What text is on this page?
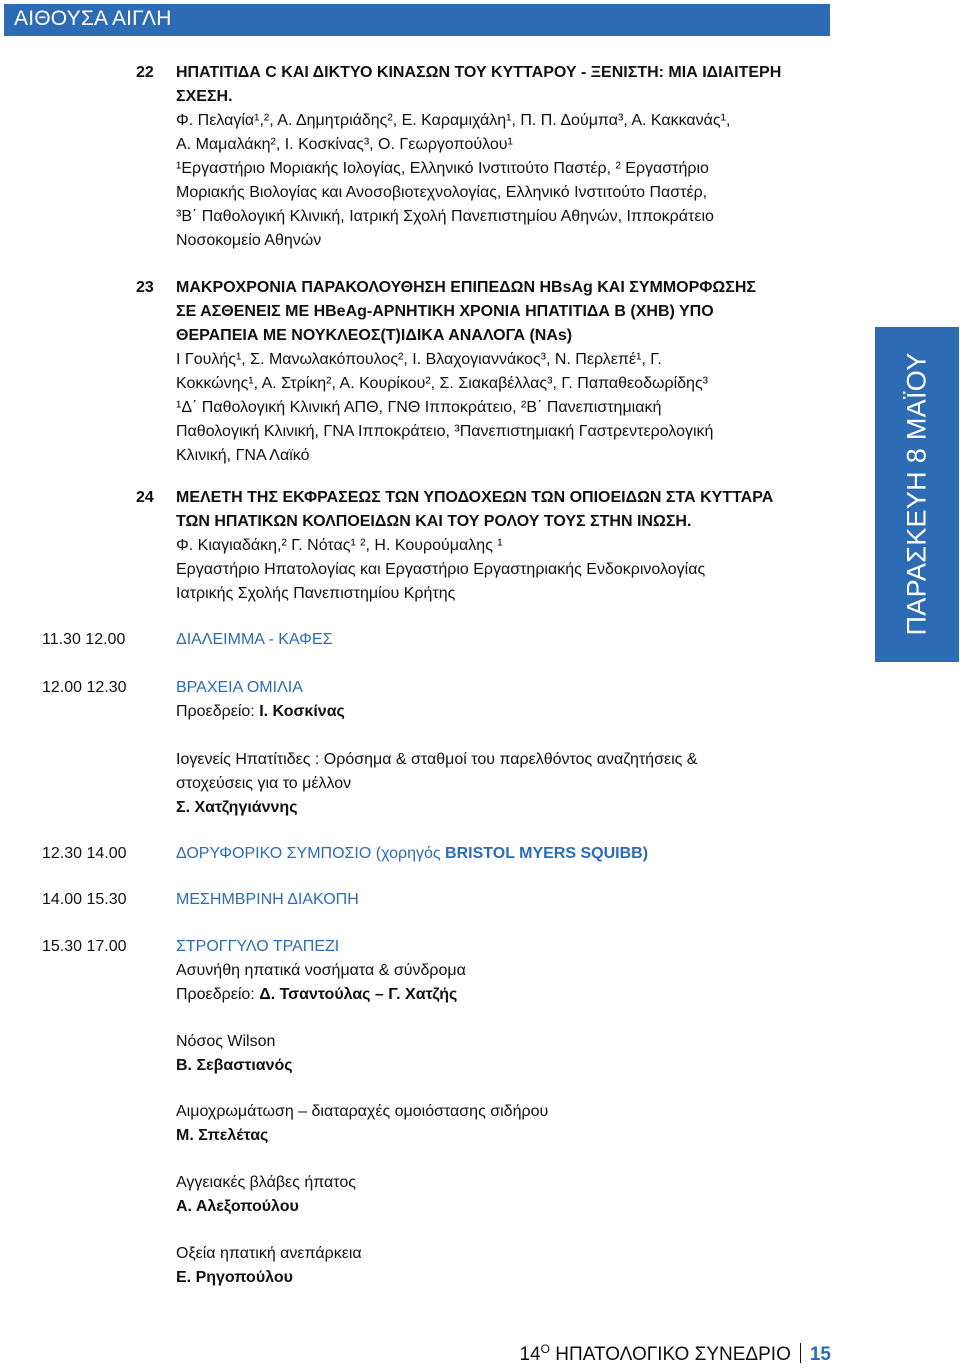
ΑΙΘΟΥΣΑ ΑΙΓΛΗ
ΠΑΡΑΣΚΕΥΗ 8 ΜΑΪΟΥ
22 ΗΠΑΤΙΤΙΔΑ C ΚΑΙ ΔΙΚΤΥΟ ΚΙΝΑΣΩΝ ΤΟΥ ΚΥΤΤΑΡΟΥ - ΞΕΝΙΣΤΗ: ΜΙΑ ΙΔΙΑΙΤΕΡΗ
ΣΧΕΣΗ.
Φ. Πελαγία¹,², Α. Δημητριάδης², Ε. Καραμιχάλη¹, Π. Π. Δούμπα³, Α. Κακκανάς¹,
Α. Μαμαλάκη², Ι. Κοσκίνας³, Ο. Γεωργοπούλου¹
¹Εργαστήριο Μοριακής Ιολογίας, Ελληνικό Ινστιτούτο Παστέρ, ² Εργαστήριο
Μοριακής Βιολογίας και Ανοσοβιοτεχνολογίας, Ελληνικό Ινστιτούτο Παστέρ,
³Β΄ Παθολογική Κλινική, Ιατρική Σχολή Πανεπιστημίου Αθηνών, Ιπποκράτειο
Νοσοκομείο Αθηνών
23 ΜΑΚΡΟΧΡΟΝΙΑ ΠΑΡΑΚΟΛΟΥΘΗΣΗ ΕΠΙΠΕΔΩΝ HBsAg ΚΑΙ ΣΥΜΜΟΡΦΩΣΗΣ
ΣΕ ΑΣΘΕΝΕΙΣ ΜΕ HBeAg-ΑΡΝΗΤΙΚΗ ΧΡΟΝΙΑ ΗΠΑΤΙΤΙΔΑ Β (ΧΗΒ) ΥΠΟ
ΘΕΡΑΠΕΙΑ ΜΕ ΝΟΥΚΛΕΟΣ(Τ)ΙΔΙΚΑ ΑΝΑΛΟΓΑ (NAs)
Ι Γουλής¹, Σ. Μανωλακόπουλος², Ι. Βλαχογιαννάκος³, Ν. Περλεπέ¹, Γ.
Κοκκώνης¹, Α. Στρίκη², Α. Κουρίκου², Σ. Σιακαβέλλας³, Γ. Παπαθεοδωρίδης³
¹Δ΄ Παθολογική Κλινική ΑΠΘ, ΓΝΘ Ιπποκράτειο, ²Β΄ Πανεπιστημιακή
Παθολογική Κλινική, ΓΝΑ Ιπποκράτειο, ³Πανεπιστημιακή Γαστρεντερολογική
Κλινική, ΓΝΑ Λαϊκό
24 ΜΕΛΕΤΗ ΤΗΣ ΕΚΦΡΑΣΕΩΣ ΤΩΝ ΥΠΟΔΟΧΕΩΝ ΤΩΝ ΟΠΙΟΕΙΔΩΝ ΣΤΑ ΚΥΤΤΑΡΑ
ΤΩΝ ΗΠΑΤΙΚΩΝ ΚΟΛΠΟΕΙΔΩΝ ΚΑΙ ΤΟΥ ΡΟΛΟΥ ΤΟΥΣ ΣΤΗΝ ΙΝΩΣΗ.
Φ. Κιαγιαδάκη,² Γ. Νότας¹ ², Η. Κουρούμαλης ¹
Εργαστήριο Ηπατολογίας και Εργαστήριο Εργαστηριακής Ενδοκρινολογίας
Ιατρικής Σχολής Πανεπιστημίου Κρήτης
11.30 12.00	ΔΙΑΛΕΙΜΜΑ - ΚΑΦΕΣ
12.00 12.30	ΒΡΑΧΕΙΑ ΟΜΙΛΙΑ
Προεδρείο: Ι. Κοσκίνας
Ιογενείς Ηπατίτιδες : Ορόσημα & σταθμοί του παρελθόντος αναζητήσεις &
στοχεύσεις για το μέλλον
Σ. Χατζηγιάννης
12.30 14.00	ΔΟΡΥΦΟΡΙΚΟ ΣΥΜΠΟΣΙΟ (χορηγός BRISTOL MYERS SQUIBB)
14.00 15.30	ΜΕΣΗΜΒΡΙΝΗ ΔΙΑΚΟΠΗ
15.30 17.00	ΣΤΡΟΓΓΥΛΟ ΤΡΑΠΕΖΙ
Ασυνήθη ηπατικά νοσήματα & σύνδρομα
Προεδρείο: Δ. Τσαντούλας – Γ. Χατζής
Νόσος Wilson
Β. Σεβαστιανός
Αιμοχρωμάτωση – διαταραχές ομοιόστασης σιδήρου
Μ. Σπελέτας
Αγγειακές βλάβες ήπατος
Α. Αλεξοπούλου
Οξεία ηπατική ανεπάρκεια
Ε. Ρηγοπούλου
$14^O$ ΗΠΑΤΟΛΟΓΙΚΟ ΣΥΝΕΔΡΙΟ 15
